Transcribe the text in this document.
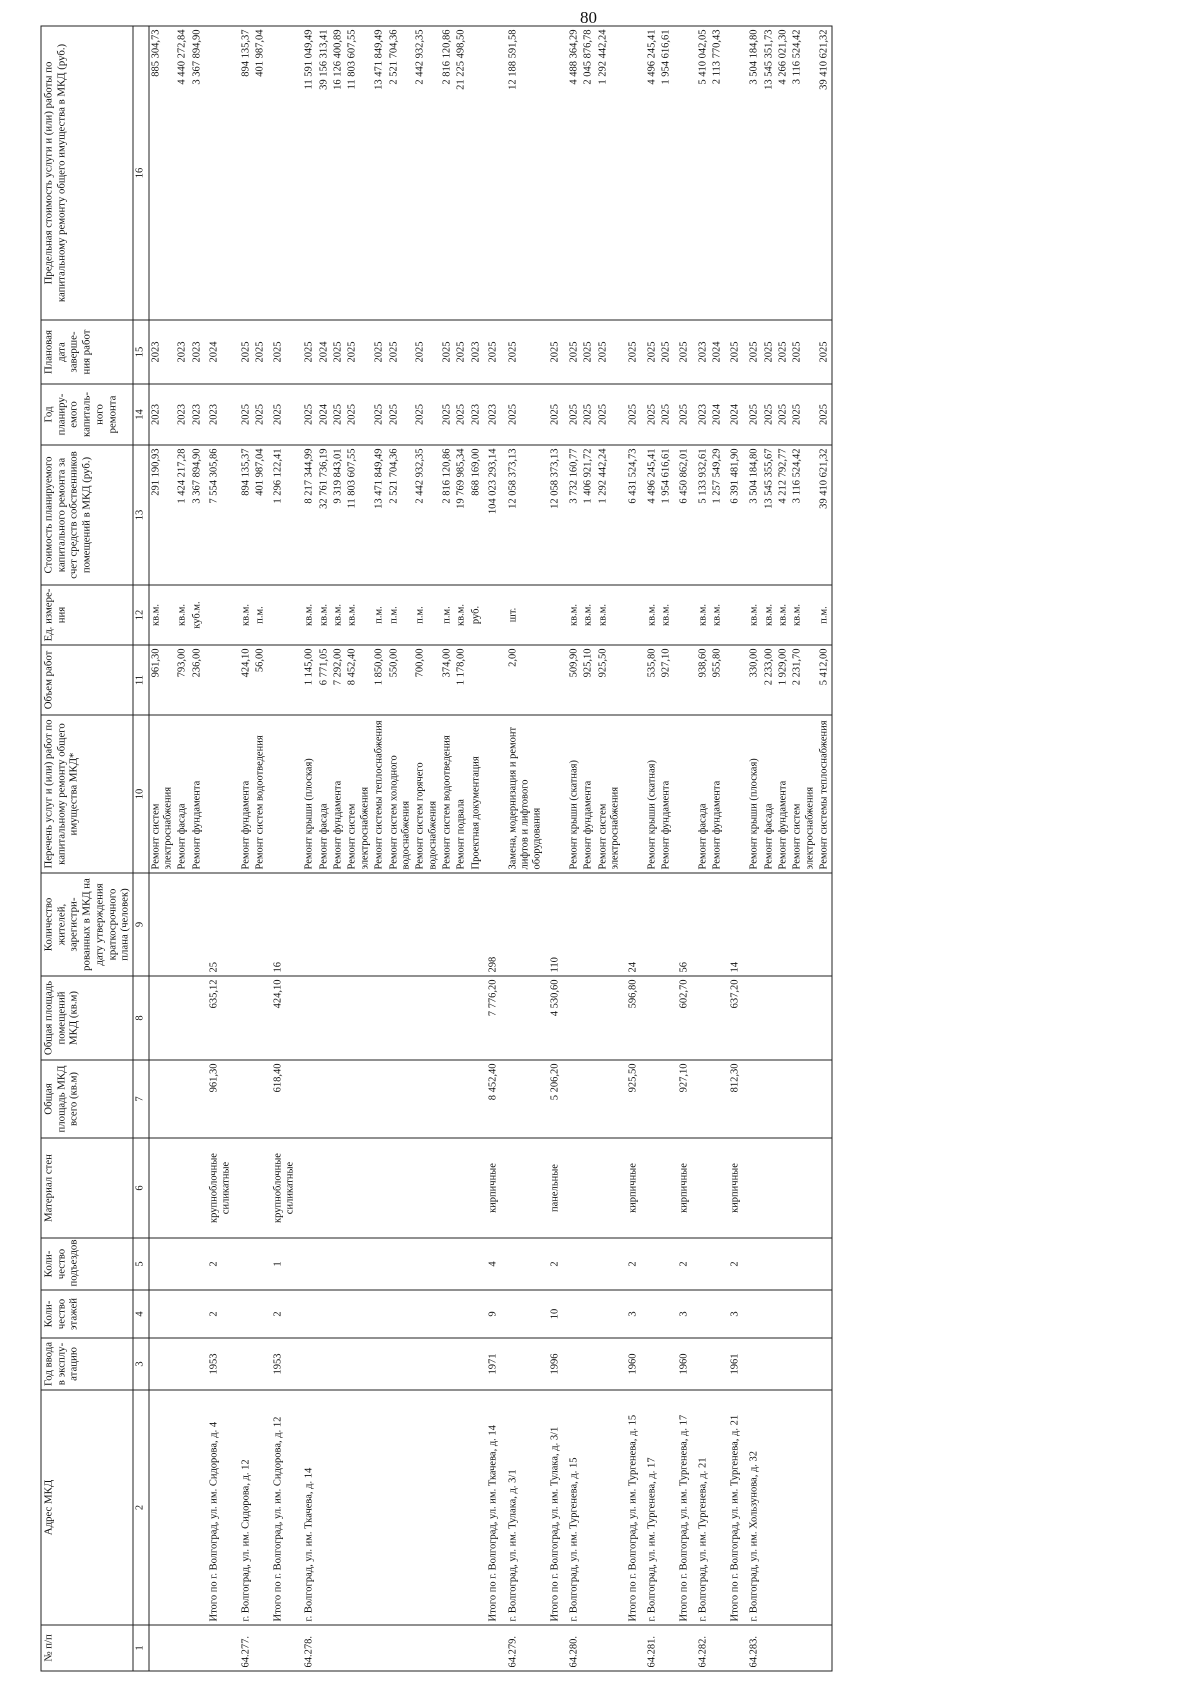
80
№ п/п	Адрес МКД	Год ввода в эксплу-атацию	Коли-чество этажей	Коли-чество подъездов	Материал стен	Общая площадь МКД всего (кв.м)	Общая площадь помещений МКД (кв.м)	Количество жителей, зарегистри-рованных в МКД на дату утверждения краткосрочного плана (человек)	Перечень услуг и (или) работ по капитальному ремонту общего имущества МКД*	Объем работ	Ед. измере-ния	Стоимость планируемого капитального ремонта за счет средств собственников помещений в МКД (руб.)	Год планиру-емого капиталь-ного ремонта	Плановая дата заверше-ния работ	Предельная стоимость услуги и (или) работы по капитальному ремонту общего имущества в МКД (руб.)
1	2	3	4	5	6	7	8	9	10	11	12	13	14	15	16
									Ремонт систем электроснабжения	961,30	кв.м.	291 190,93	2023	2023	885 304,73
									Ремонт фасада	793,00	кв.м.	1 424 217,28	2023	2023	4 440 272,84
									Ремонт фундамента	236,00	куб.м.	3 367 894,90	2023	2023	3 367 894,90
	Итого по г. Волгоград, ул. им. Сидорова, д. 4	1953	2	2	крупноблочные силикатные	961,30	635,12	25				7 554 305,86	2023	2024	
64.277.	г. Волгоград, ул. им. Сидорова, д. 12								Ремонт фундамента	424,10	кв.м.	894 135,37	2025	2025	894 135,37
									Ремонт систем водоотведения	56,00	п.м.	401 987,04	2025	2025	401 987,04
	Итого по г. Волгоград, ул. им. Сидорова, д. 12	1953	2	1	крупноблочные силикатные	618,40	424,10	16				1 296 122,41	2025	2025	
64.278.	г. Волгоград, ул. им. Ткачева, д. 14								Ремонт крыши (плоская)	1 145,00	кв.м.	8 217 344,99	2025	2025	11 591 049,49
									Ремонт фасада	6 771,05	кв.м.	32 761 736,19	2024	2024	39 156 313,41
									Ремонт фундамента	7 292,00	кв.м.	9 319 843,01	2025	2025	16 126 400,89
									Ремонт систем электроснабжения	8 452,40	кв.м.	11 803 607,55	2025	2025	11 803 607,55
									Ремонт системы теплоснабжения	1 850,00	п.м.	13 471 849,49	2025	2025	13 471 849,49
									Ремонт систем холодного водоснабжения	550,00	п.м.	2 521 704,36	2025	2025	2 521 704,36
									Ремонт систем горячего водоснабжения	700,00	п.м.	2 442 932,35	2025	2025	2 442 932,35
									Ремонт систем водоотведения	374,00	п.м.	2 816 120,86	2025	2025	2 816 120,86
									Ремонт подвала	1 178,00	кв.м.	19 769 985,34	2025	2025	21 225 498,50
									Проектная документация		руб.	868 169,00	2023	2023	
	Итого по г. Волгоград, ул. им. Ткачева, д. 14	1971	9	4	кирпичные	8 452,40	7 776,20	298				104 023 293,14	2023	2025	
64.279.	г. Волгоград, ул. им. Тулака, д. 3/1								Замена, модернизация и ремонт лифтов и лифтового оборудования	2,00	шт.	12 058 373,13	2025	2025	12 188 591,58
	Итого по г. Волгоград, ул. им. Тулака, д. 3/1	1996	10	2	панельные	5 206,20	4 530,60	110				12 058 373,13	2025	2025	
64.280.	г. Волгоград, ул. им. Тургенева, д. 15								Ремонт крыши (скатная)	509,90	кв.м.	3 732 160,77	2025	2025	4 488 364,29
									Ремонт фундамента	925,10	кв.м.	1 406 921,72	2025	2025	2 045 876,78
									Ремонт систем электроснабжения	925,50	кв.м.	1 292 442,24	2025	2025	1 292 442,24
	Итого по г. Волгоград, ул. им. Тургенева, д. 15	1960	3	2	кирпичные	925,50	596,80	24				6 431 524,73	2025	2025	
64.281.	г. Волгоград, ул. им. Тургенева, д. 17								Ремонт крыши (скатная)	535,80	кв.м.	4 496 245,41	2025	2025	4 496 245,41
									Ремонт фундамента	927,10	кв.м.	1 954 616,61	2025	2025	1 954 616,61
	Итого по г. Волгоград, ул. им. Тургенева, д. 17	1960	3	2	кирпичные	927,10	602,70	56				6 450 862,01	2025	2025	
64.282.	г. Волгоград, ул. им. Тургенева, д. 21								Ремонт фасада	938,60	кв.м.	5 133 932,61	2023	2023	5 410 042,05
									Ремонт фундамента	955,80	кв.м.	1 257 549,29	2024	2024	2 113 770,43
	Итого по г. Волгоград, ул. им. Тургенева, д. 21	1961	3	2	кирпичные	812,30	637,20	14				6 391 481,90	2024	2025	
64.283.	г. Волгоград, ул. им. Хользунова, д. 32								Ремонт крыши (плоская)	330,00	кв.м.	3 504 184,80	2025	2025	3 504 184,80
									Ремонт фасада	2 233,00	кв.м.	13 545 355,67	2025	2025	13 545 351,73
									Ремонт фундамента	1 929,00	кв.м.	4 212 792,77	2025	2025	4 266 021,30
									Ремонт систем электроснабжения	2 231,70	кв.м.	3 116 524,42	2025	2025	3 116 524,42
									Ремонт системы теплоснабжения	5 412,00	п.м.	39 410 621,32	2025	2025	39 410 621,32
